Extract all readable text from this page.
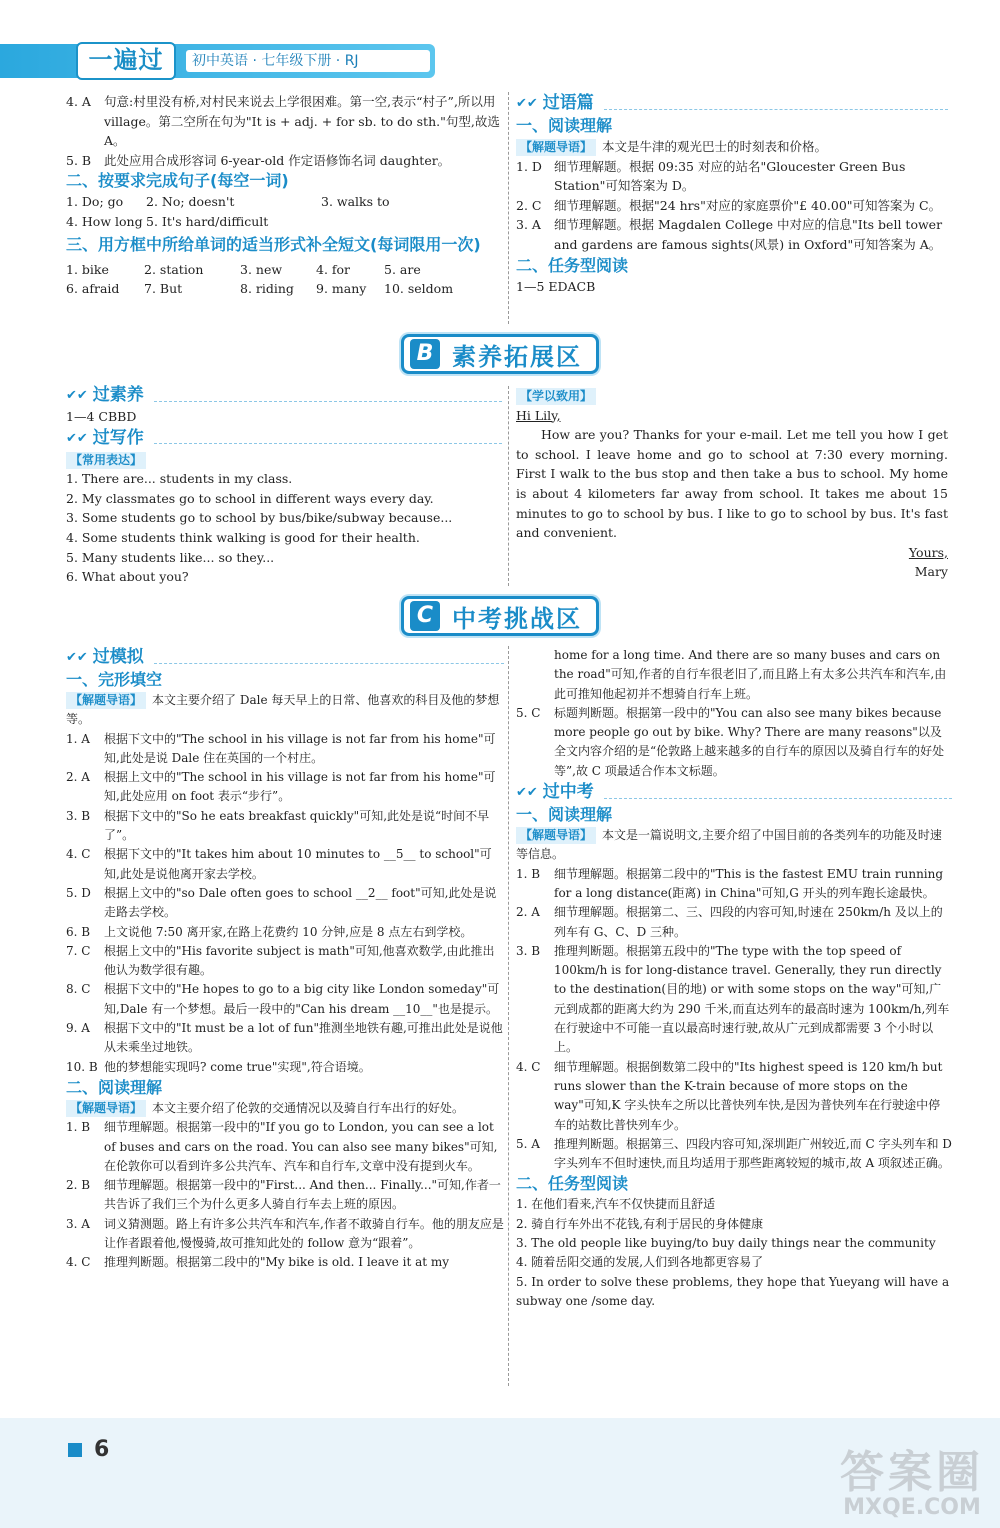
一遍过	初中英语 · 七年级下册 · RJ
4. A	句意:村里没有桥,对村民来说去上学很困难。第一空,表示“村子”,所以用 village。第二空所在句为"It is + adj. + for sb. to do sth."句型,故选 A。
5. B	此处应用合成形容词 6-year-old 作定语修饰名词 daughter。
二、按要求完成句子(每空一词)
1. Do; go	2. No; doesn't	3. walks to
4. How long 5. It's hard/difficult
三、用方框中所给单词的适当形式补全短文(每词限用一次)
1. bike	2. station	3. new	4. for	5. are
6. afraid	7. But	8. riding	9. many	10. seldom
✔✔ 过语篇
一、阅读理解

【解题导语】 本文是牛津的观光巴士的时刻表和价格。

1. D 细节理解题。根据 09:35 对应的站名"Gloucester Green Bus Station"可知答案为 D。
2. C	细节理解题。根据"24 hrs"对应的家庭票价"£ 40.00"可知答案为 C。
3. A	细节理解题。根据 Magdalen College 中对应的信息"Its bell tower and gardens are famous sights(风景) in Oxford"可知答案为 A。
二、任务型阅读

1—5 EDACB

B 素养拓展区
✔✔ 过素养

1—4 CBBD

✔✔ 过写作

【常用表达】

1. There are... students in my class.

2. My classmates go to school in different ways every day.

3. Some students go to school by bus/bike/subway because...

4. Some students think walking is good for their health.

5. Many students like... so they...

6. What about you?

【学以致用】

Hi Lily,

How are you? Thanks for your e-mail. Let me tell you how I get to school. I leave home and go to school at 7:30 every morning. First I walk to the bus stop and then take a bus to school. My home is about 4 kilometers far away from school. It takes me about 15 minutes to go to school by bus. I like to go to school by bus. It's fast and convenient.

Yours,

Mary

C 中考挑战区
✔✔ 过模拟
一、完形填空

【解题导语】 本文主要介绍了 Dale 每天早上的日常、他喜欢的科目及他的梦想等。

1. A	根据下文中的"The school in his village is not far from his home"可知,此处是说 Dale 住在英国的一个村庄。
2. A	根据上文中的"The school in his village is not far from his home"可知,此处应用 on foot 表示“步行”。
3. B	根据下文中的"So he eats breakfast quickly"可知,此处是说“时间不早了”。
4. C	根据下文中的"It takes him about 10 minutes to __5__ to school"可知,此处是说他离开家去学校。
5. D	根据上文中的"so Dale often goes to school __2__ foot"可知,此处是说走路去学校。
6. B	上文说他 7:50 离开家,在路上花费约 10 分钟,应是 8 点左右到学校。
7. C	根据上文中的"His favorite subject is math"可知,他喜欢数学,由此推出他认为数学很有趣。
8. C	根据下文中的"He hopes to go to a big city like London someday"可知,Dale 有一个梦想。最后一段中的"Can his dream __10__"也是提示。
9. A	根据下文中的"It must be a lot of fun"推测坐地铁有趣,可推出此处是说他从未乘坐过地铁。
10. B 他的梦想能实现吗? come true"实现",符合语境。
二、阅读理解

【解题导语】 本文主要介绍了伦敦的交通情况以及骑自行车出行的好处。

1. B	细节理解题。根据第一段中的"If you go to London, you can see a lot of buses and cars on the road. You can also see many bikes"可知,在伦敦你可以看到许多公共汽车、汽车和自行车,文章中没有提到火车。
2. B	细节理解题。根据第一段中的"First... And then... Finally..."可知,作者一共告诉了我们三个为什么更多人骑自行车去上班的原因。
3. A	词义猜测题。路上有许多公共汽车和汽车,作者不敢骑自行车。他的朋友应是让作者跟着他,慢慢骑,故可推知此处的 follow 意为“跟着”。
4. C	推理判断题。根据第二段中的"My bike is old. I leave it at my
home for a long time. And there are so many buses and cars on the road"可知,作者的自行车很老旧了,而且路上有太多公共汽车和汽车,由此可推知他起初并不想骑自行车上班。
5. C	标题判断题。根据第一段中的"You can also see many bikes because more people go out by bike. Why? There are many reasons"以及全文内容介绍的是“伦敦路上越来越多的自行车的原因以及骑自行车的好处等”,故 C 项最适合作本文标题。
✔✔ 过中考
一、阅读理解

【解题导语】 本文是一篇说明文,主要介绍了中国目前的各类列车的功能及时速等信息。

1. B	细节理解题。根据第二段中的"This is the fastest EMU train running for a long distance(距离) in China"可知,G 开头的列车跑长途最快。
2. A	细节理解题。根据第二、三、四段的内容可知,时速在 250km/h 及以上的列车有 G、C、D 三种。
3. B	推理判断题。根据第五段中的"The type with the top speed of 100km/h is for long-distance travel. Generally, they run directly to the destination(目的地) or with some stops on the way"可知,广元到成都的距离大约为 290 千米,而直达列车的最高时速为 100km/h,列车在行驶途中不可能一直以最高时速行驶,故从广元到成都需要 3 个小时以上。
4. C	细节理解题。根据倒数第二段中的"Its highest speed is 120 km/h but runs slower than the K-train because of more stops on the way"可知,K 字头快车之所以比普快列车快,是因为普快列车在行驶途中停车的站数比普快列车少。
5. A	推理判断题。根据第三、四段内容可知,深圳距广州较近,而 C 字头列车和 D 字头列车不但时速快,而且均适用于那些距离较短的城市,故 A 项叙述正确。
二、任务型阅读

1. 在他们看来,汽车不仅快捷而且舒适

2. 骑自行车外出不花钱,有利于居民的身体健康

3. The old people like buying/to buy daily things near the community

4. 随着岳阳交通的发展,人们到各地都更容易了

5. In order to solve these problems, they hope that Yueyang will have a subway one /some day.

6	答案圈
MXQE.COM
